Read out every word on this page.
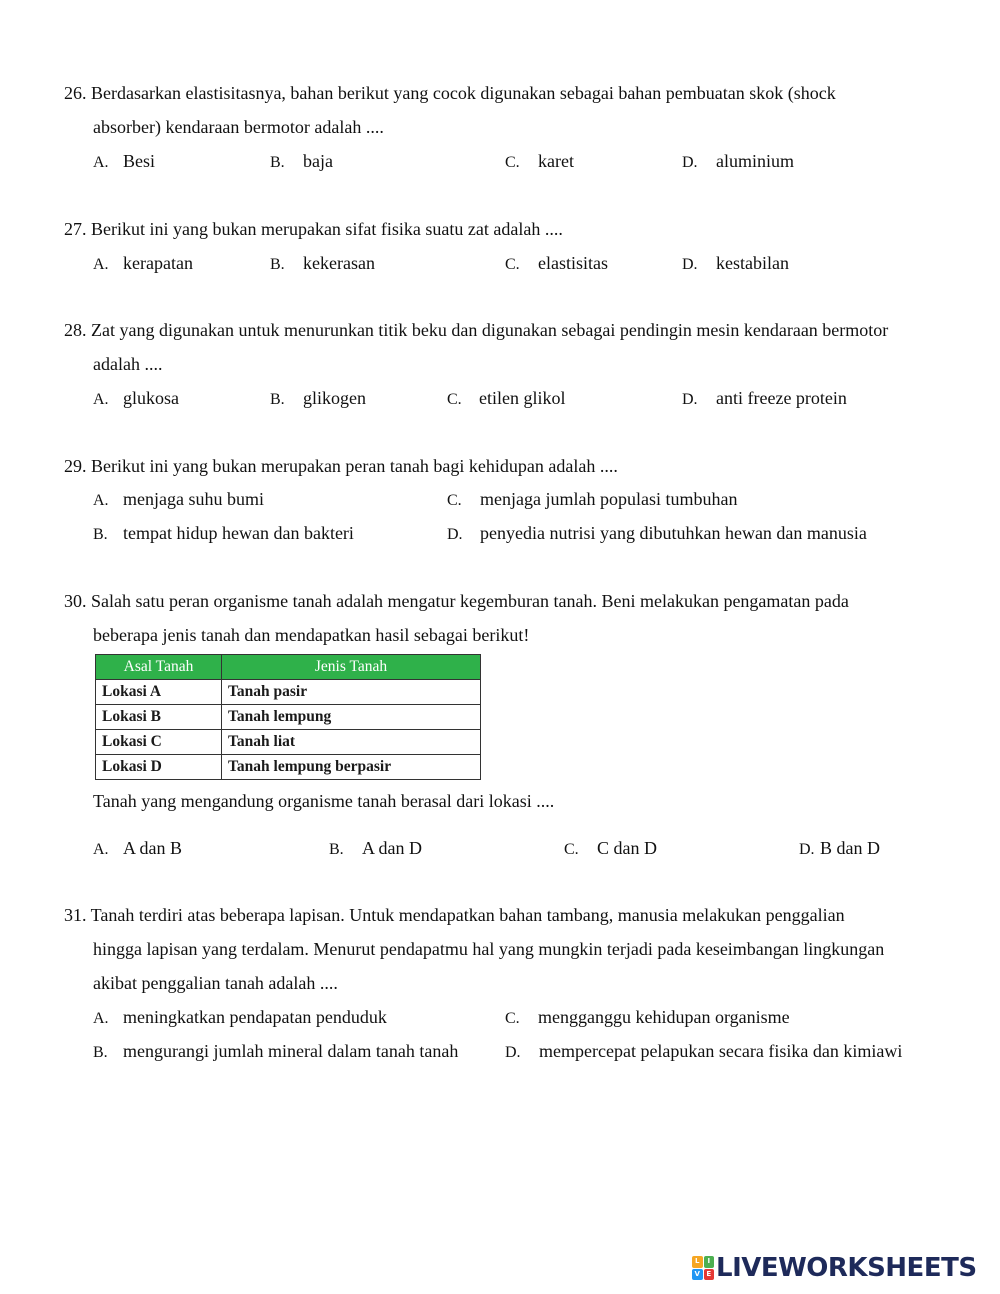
26. Berdasarkan elastisitasnya, bahan berikut yang cocok digunakan sebagai bahan pembuatan skok (shock
absorber) kendaraan bermotor adalah ....
A. Besi	B. baja	C. karet	D. aluminium
27. Berikut ini yang bukan merupakan sifat fisika suatu zat adalah ....
A. kerapatan	B. kekerasan	C. elastisitas	D. kestabilan
28. Zat yang digunakan untuk menurunkan titik beku dan digunakan sebagai pendingin mesin kendaraan bermotor
adalah ....
A. glukosa	B. glikogen	C. etilen glikol	D. anti freeze protein
29. Berikut ini yang bukan merupakan peran tanah bagi kehidupan adalah ....
A. menjaga suhu bumi	C. menjaga jumlah populasi tumbuhan
B. tempat hidup hewan dan bakteri	D. penyedia nutrisi yang dibutuhkan hewan dan manusia
30. Salah satu peran organisme tanah adalah mengatur kegemburan tanah. Beni melakukan pengamatan pada
beberapa jenis tanah dan mendapatkan hasil sebagai berikut!
Asal Tanah	Jenis Tanah
Lokasi A	Tanah pasir
Lokasi B	Tanah lempung
Lokasi C	Tanah liat
Lokasi D	Tanah lempung berpasir
Tanah yang mengandung organisme tanah berasal dari lokasi ....
A. A dan B	B. A dan D	C. C dan D	D. B dan D
31. Tanah terdiri atas beberapa lapisan. Untuk mendapatkan bahan tambang, manusia melakukan penggalian
hingga lapisan yang terdalam. Menurut pendapatmu hal yang mungkin terjadi pada keseimbangan lingkungan
akibat penggalian tanah adalah ....
A. meningkatkan pendapatan penduduk	C. mengganggu kehidupan organisme
B. mengurangi jumlah mineral dalam tanah tanah	D. mempercepat pelapukan secara fisika dan kimiawi
L	I
V E LIVEWORKSHEETS
